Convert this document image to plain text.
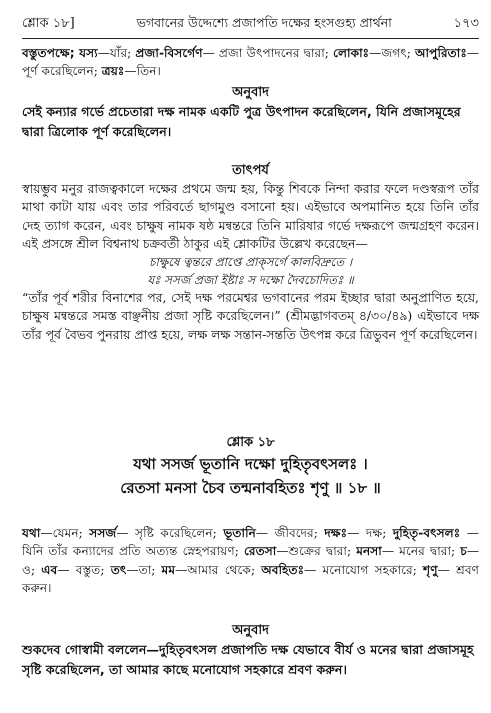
শ্লোক ১৮]	ভগবানের উদ্দেশ্যে প্রজাপতি দক্ষের হংসগুহ্য প্রার্থনা	১৭৩

বস্তুতপক্ষে; যস্য—যাঁর; প্রজা-বিসর্গেণ— প্রজা উৎপাদনের দ্বারা; লোকাঃ—জগৎ; আপুরিতাঃ—পূর্ণ করেছিলেন; ত্রয়ঃ—তিন।

অনুবাদ

সেই কন্যার গর্ভে প্রচেতারা দক্ষ নামক একটি পুত্র উৎপাদন করেছিলেন, যিনি প্রজাসমূহের দ্বারা ত্রিলোক পূর্ণ করেছিলেন।

তাৎপর্য

স্বায়ম্ভুব মনুর রাজত্বকালে দক্ষের প্রথমে জন্ম হয়, কিন্তু শিবকে নিন্দা করার ফলে দণ্ডস্বরূপ তাঁর মাথা কাটা যায় এবং তার পরিবর্তে ছাগমুণ্ড বসানো হয়। এইভাবে অপমানিত হয়ে তিনি তাঁর দেহ ত্যাগ করেন, এবং চাক্ষুষ নামক ষষ্ঠ মন্বন্তরে তিনি মারিষার গর্ভে দক্ষরূপে জন্মগ্রহণ করেন। এই প্রসঙ্গে শ্রীল বিশ্বনাথ চক্রবর্তী ঠাকুর এই শ্লোকটির উল্লেখ করেছেন—

চাক্ষুষে ত্বন্তরে প্রাপ্তে প্রাক্‌সর্গে কালবিদ্রুতে ।

যঃ সসর্জ প্রজা ইষ্টাঃ স দক্ষো দৈবচোদিতঃ ॥

“তাঁর পূর্ব শরীর বিনাশের পর, সেই দক্ষ পরমেশ্বর ভগবানের পরম ইচ্ছার দ্বারা অনুপ্রাণিত হয়ে, চাক্ষুষ মন্বন্তরে সমস্ত বাঞ্ছনীয় প্রজা সৃষ্টি করেছিলেন।” (শ্রীমদ্ভাগবতম্‌ ৪/৩০/৪৯) এইভাবে দক্ষ তাঁর পূর্ব বৈভব পুনরায় প্রাপ্ত হয়ে, লক্ষ লক্ষ সন্তান-সন্ততি উৎপন্ন করে ত্রিভুবন পূর্ণ করেছিলেন।

শ্লোক ১৮

যথা সসর্জ ভূতানি দক্ষো দুহিতৃবৎসলঃ ।

রেতসা মনসা চৈব তন্মনাবহিতঃ শৃণু ॥ ১৮ ॥

যথা—যেমন; সসর্জ— সৃষ্টি করেছিলেন; ভূতানি— জীবদের; দক্ষঃ— দক্ষ; দুহিতৃ-বৎসলঃ — যিনি তাঁর কন্যাদের প্রতি অত্যন্ত স্নেহপরায়ণ; রেতসা—শুক্রের দ্বারা; মনসা— মনের দ্বারা; চ— ও; এব— বস্তুত; তৎ—তা; মম—আমার থেকে; অবহিতঃ— মনোযোগ সহকারে; শৃণু— শ্রবণ করুন।

অনুবাদ

শুকদেব গোস্বামী বললেন—দুহিতৃবৎসল প্রজাপতি দক্ষ যেভাবে বীর্য ও মনের দ্বারা প্রজাসমূহ সৃষ্টি করেছিলেন, তা আমার কাছে মনোযোগ সহকারে শ্রবণ করুন।
